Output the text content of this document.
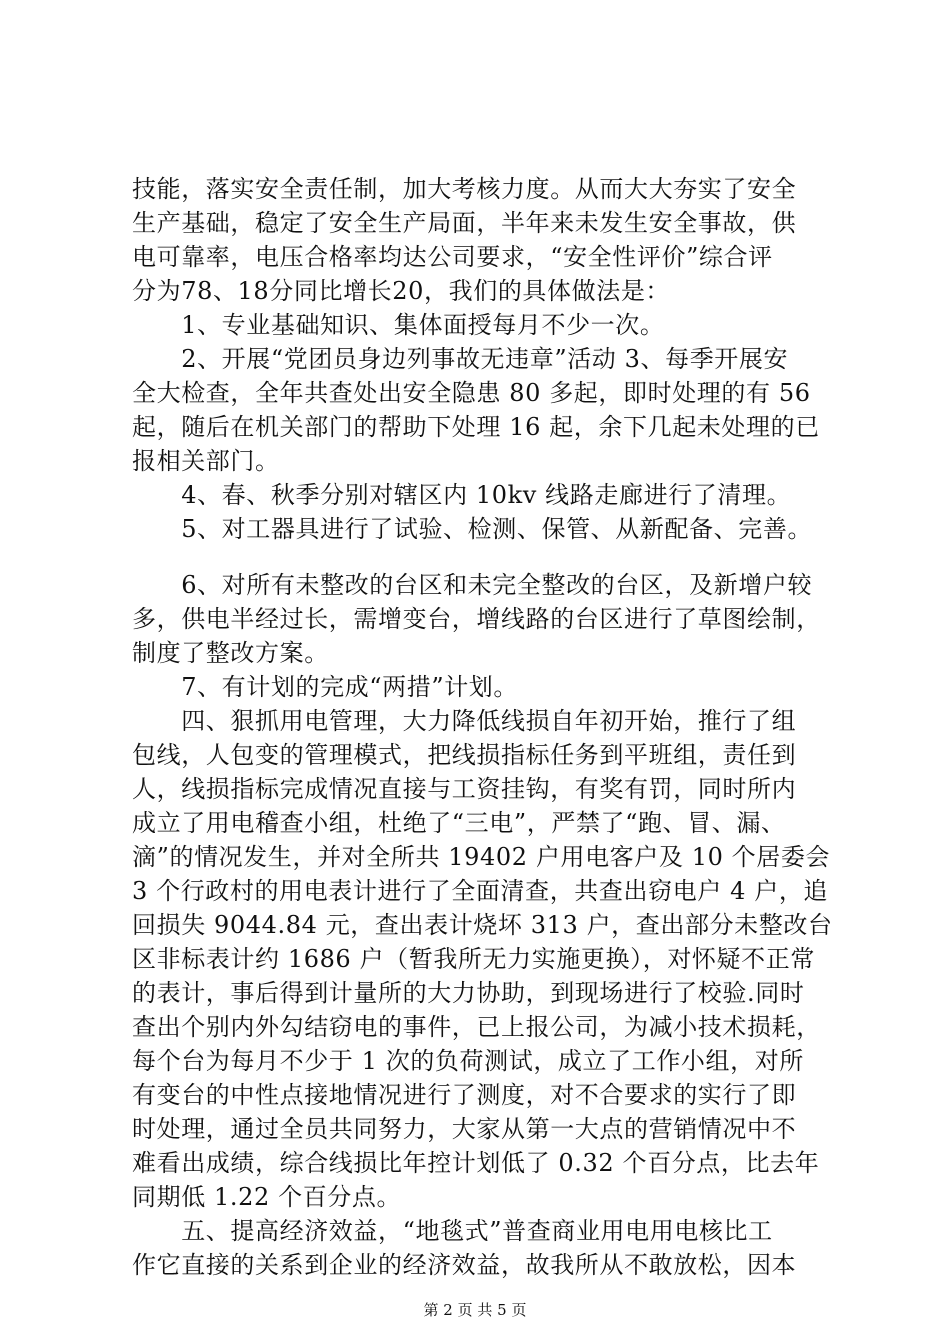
技能，落实安全责任制，加大考核力度。从而大大夯实了安全
生产基础，稳定了安全生产局面，半年来未发生安全事故，供
电可靠率，电压合格率均达公司要求，“安全性评价”综合评
分为78、18分同比增长20，我们的具体做法是：
　　1、专业基础知识、集体面授每月不少一次。
　　2、开展“党团员身边列事故无违章”活动 3、每季开展安
全大检查，全年共查处出安全隐患 80 多起，即时处理的有 56
起，随后在机关部门的帮助下处理 16 起，余下几起未处理的已
报相关部门。
　　4、春、秋季分别对辖区内 10kv 线路走廊进行了清理。
　　5、对工器具进行了试验、检测、保管、从新配备、完善。
　　6、对所有未整改的台区和未完全整改的台区，及新增户较
多，供电半经过长，需增变台，增线路的台区进行了草图绘制，
制度了整改方案。
　　7、有计划的完成“两措”计划。
　　四、狠抓用电管理，大力降低线损自年初开始，推行了组
包线，人包变的管理模式，把线损指标任务到平班组，责任到
人，线损指标完成情况直接与工资挂钩，有奖有罚，同时所内
成立了用电稽查小组，杜绝了“三电”，严禁了“跑、冒、漏、
滴”的情况发生，并对全所共 19402 户用电客户及 10 个居委会
3 个行政村的用电表计进行了全面清查，共查出窃电户 4 户，追
回损失 9044.84 元，查出表计烧坏 313 户，查出部分未整改台
区非标表计约 1686 户（暂我所无力实施更换），对怀疑不正常
的表计，事后得到计量所的大力协助，到现场进行了校验.同时
查出个别内外勾结窃电的事件，已上报公司，为减小技术损耗，
每个台为每月不少于 1 次的负荷测试，成立了工作小组，对所
有变台的中性点接地情况进行了测度，对不合要求的实行了即
时处理，通过全员共同努力，大家从第一大点的营销情况中不
难看出成绩，综合线损比年控计划低了 0.32 个百分点，比去年
同期低 1.22 个百分点。
　　五、提高经济效益，“地毯式”普查商业用电用电核比工
作它直接的关系到企业的经济效益，故我所从不敢放松，因本
第 2 页 共 5 页
